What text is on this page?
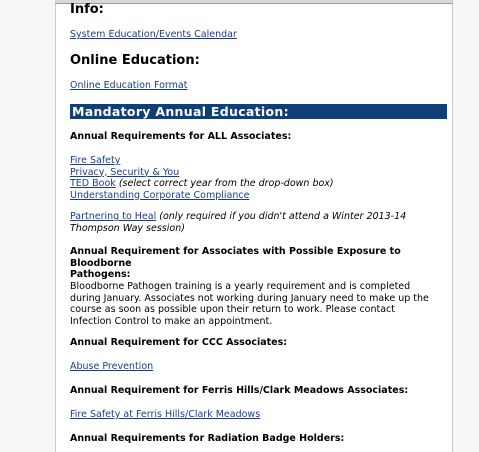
Info:

System Education/Events Calendar

Online Education:

Online Education Format
Mandatory Annual Education:

Annual Requirements for ALL Associates:

Fire Safety

Privacy, Security & You

TED Book (select correct year from the drop-down box)

Understanding Corporate Compliance

Partnering to Heal (only required if you didn't attend a Winter 2013-14

Thompson Way session)

Annual Requirement for Associates with Possible Exposure to Bloodborne

Pathogens:

Bloodborne Pathogen training is a yearly requirement and is completed

during January. Associates not working during January need to make up the

course as soon as possible upon their return to work. Please contact

Infection Control to make an appointment.

Annual Requirement for CCC Associates:

Abuse Prevention

Annual Requirement for Ferris Hills/Clark Meadows Associates:

Fire Safety at Ferris Hills/Clark Meadows

Annual Requirements for Radiation Badge Holders:
